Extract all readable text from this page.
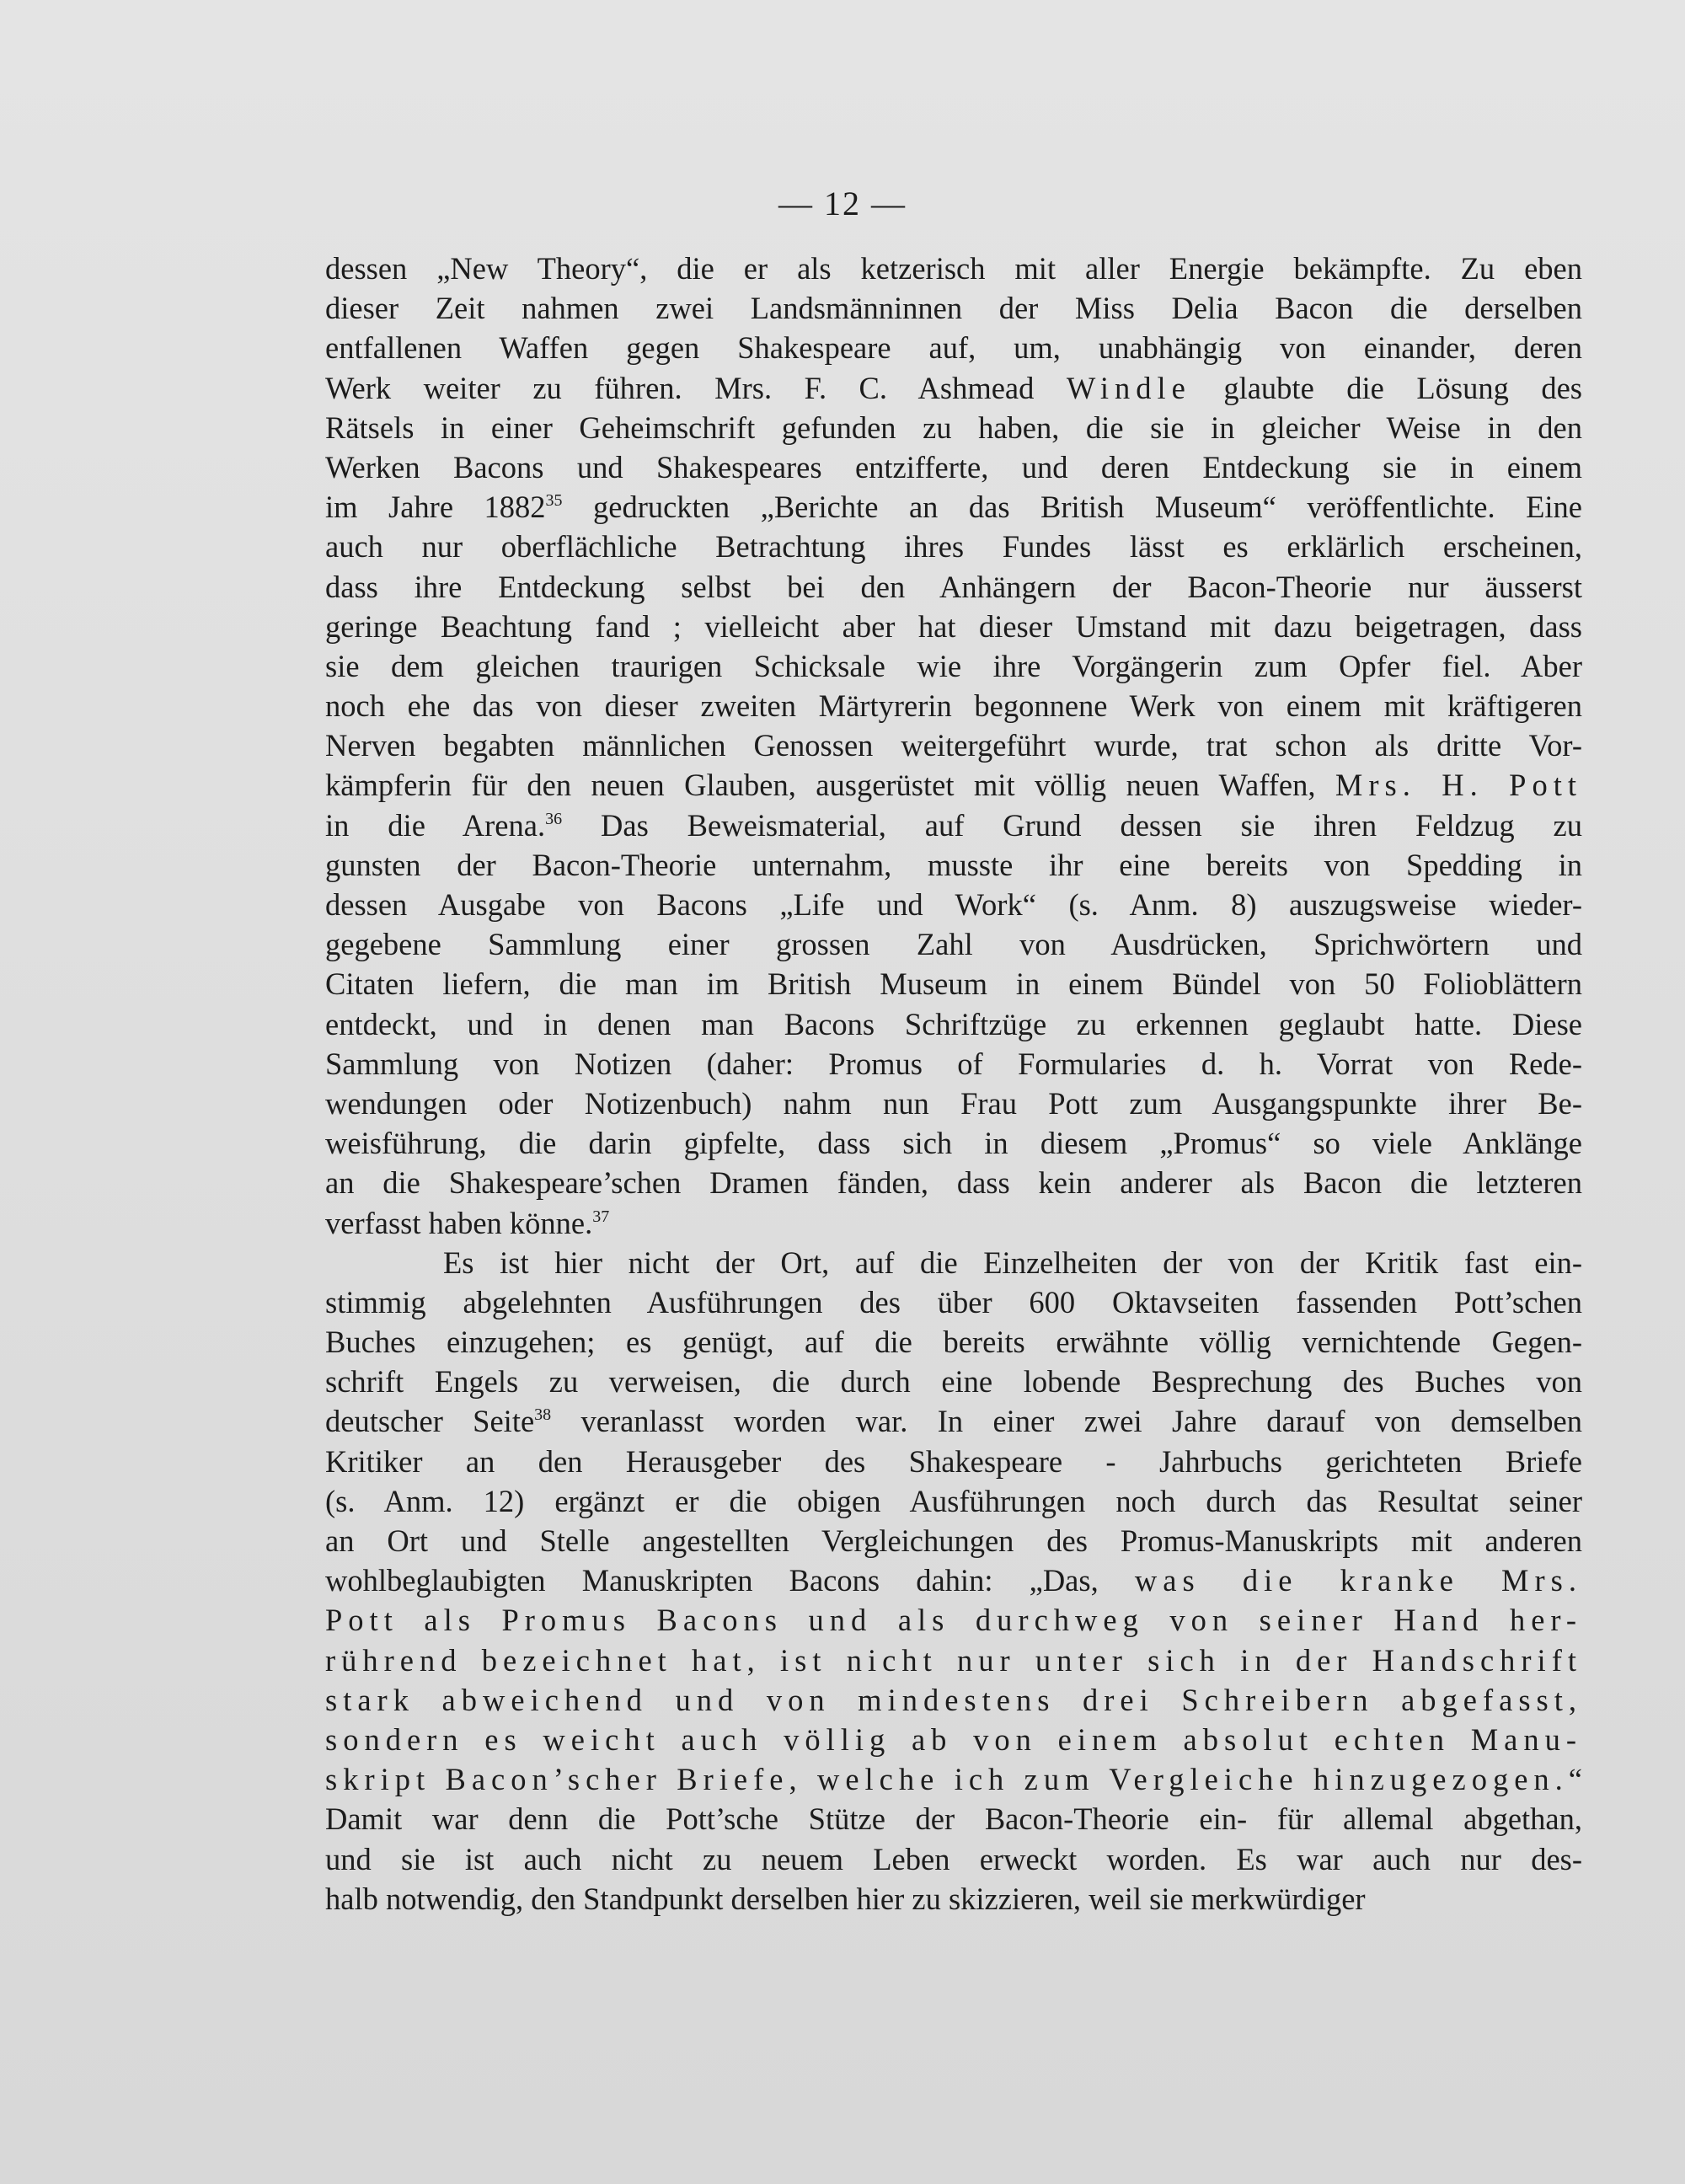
— 12 —
dessen „New Theory“, die er als ketzerisch mit aller Energie bekämpfte. Zu eben
dieser Zeit nahmen zwei Landsmänninnen der Miss Delia Bacon die derselben
entfallenen Waffen gegen Shakespeare auf, um, unabhängig von einander, deren
Werk weiter zu führen. Mrs. F. C. Ashmead Windle glaubte die Lösung des
Rätsels in einer Geheimschrift gefunden zu haben, die sie in gleicher Weise in den
Werken Bacons und Shakespeares entzifferte, und deren Entdeckung sie in einem
im Jahre 1882$^{35}$ gedruckten „Berichte an das British Museum“ veröffentlichte. Eine
auch nur oberflächliche Betrachtung ihres Fundes lässt es erklärlich erscheinen,
dass ihre Entdeckung selbst bei den Anhängern der Bacon-Theorie nur äusserst
geringe Beachtung fand ; vielleicht aber hat dieser Umstand mit dazu beigetragen, dass
sie dem gleichen traurigen Schicksale wie ihre Vorgängerin zum Opfer fiel. Aber
noch ehe das von dieser zweiten Märtyrerin begonnene Werk von einem mit kräftigeren
Nerven begabten männlichen Genossen weitergeführt wurde, trat schon als dritte Vor-
kämpferin für den neuen Glauben, ausgerüstet mit völlig neuen Waffen, Mrs. H. Pott
in die Arena.$^{36}$ Das Beweismaterial, auf Grund dessen sie ihren Feldzug zu
gunsten der Bacon-Theorie unternahm, musste ihr eine bereits von Spedding in
dessen Ausgabe von Bacons „Life und Work“ (s. Anm. 8) auszugsweise wieder-
gegebene Sammlung einer grossen Zahl von Ausdrücken, Sprichwörtern und
Citaten liefern, die man im British Museum in einem Bündel von 50 Folioblättern
entdeckt, und in denen man Bacons Schriftzüge zu erkennen geglaubt hatte. Diese
Sammlung von Notizen (daher: Promus of Formularies d. h. Vorrat von Rede-
wendungen oder Notizenbuch) nahm nun Frau Pott zum Ausgangspunkte ihrer Be-
weisführung, die darin gipfelte, dass sich in diesem „Promus“ so viele Anklänge
an die Shakespeare’schen Dramen fänden, dass kein anderer als Bacon die letzteren
verfasst haben könne.$^{37}$
Es ist hier nicht der Ort, auf die Einzelheiten der von der Kritik fast ein-
stimmig abgelehnten Ausführungen des über 600 Oktavseiten fassenden Pott’schen
Buches einzugehen; es genügt, auf die bereits erwähnte völlig vernichtende Gegen-
schrift Engels zu verweisen, die durch eine lobende Besprechung des Buches von
deutscher Seite$^{38}$ veranlasst worden war. In einer zwei Jahre darauf von demselben
Kritiker an den Herausgeber des Shakespeare - Jahrbuchs gerichteten Briefe
(s. Anm. 12) ergänzt er die obigen Ausführungen noch durch das Resultat seiner
an Ort und Stelle angestellten Vergleichungen des Promus-Manuskripts mit anderen
wohlbeglaubigten Manuskripten Bacons dahin: „Das, was die kranke Mrs.
Pott als Promus Bacons und als durchweg von seiner Hand her-
rührend bezeichnet hat, ist nicht nur unter sich in der Handschrift
stark abweichend und von mindestens drei Schreibern abgefasst,
sondern es weicht auch völlig ab von einem absolut echten Manu-
skript Bacon’scher Briefe, welche ich zum Vergleiche hinzugezogen.“
Damit war denn die Pott’sche Stütze der Bacon-Theorie ein- für allemal abgethan,
und sie ist auch nicht zu neuem Leben erweckt worden. Es war auch nur des-
halb notwendig, den Standpunkt derselben hier zu skizzieren, weil sie merkwürdiger
